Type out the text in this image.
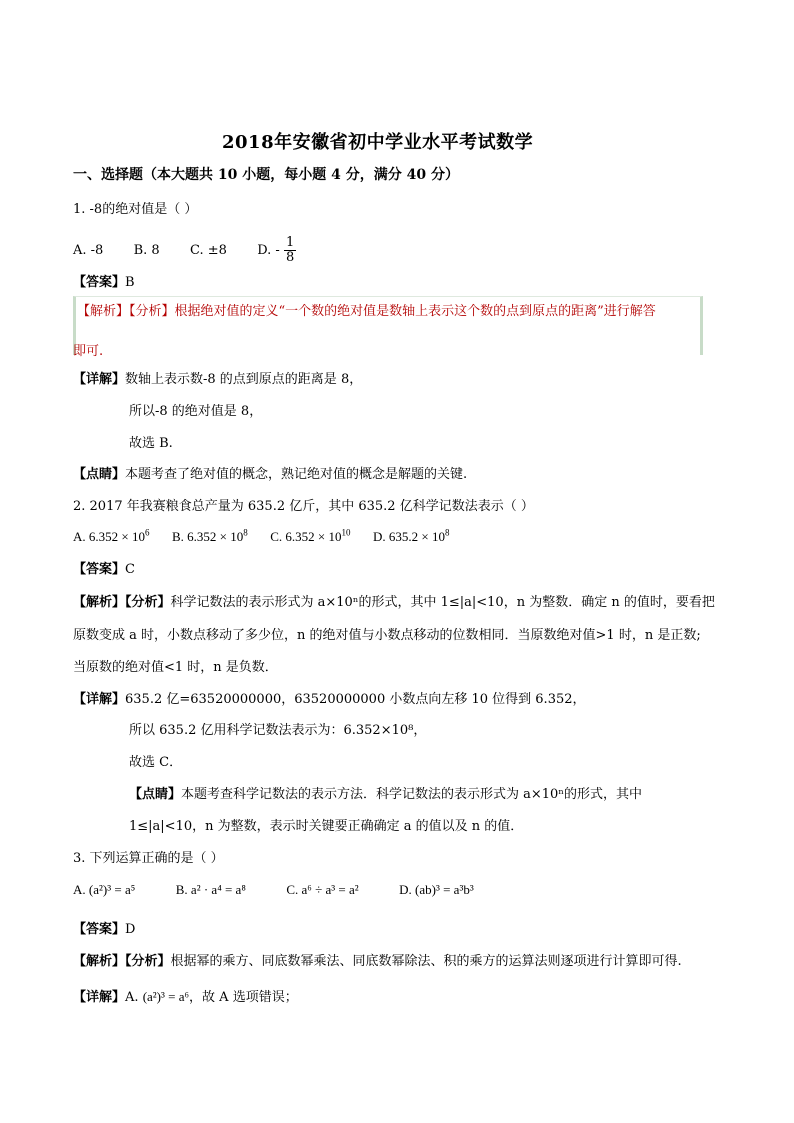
2018年安徽省初中学业水平考试数学
一、选择题（本大题共 10 小题，每小题 4 分，满分 40 分）
1. -8的绝对值是（ ）
A. -8 B. 8 C. ±8 D. - $\frac{1}{8}$
【答案】B
【解析】【分析】根据绝对值的定义“一个数的绝对值是数轴上表示这个数的点到原点的距离”进行解答
即可.
【详解】数轴上表示数-8 的点到原点的距离是 8，
所以-8 的绝对值是 8，
故选 B.
【点睛】本题考查了绝对值的概念，熟记绝对值的概念是解题的关键.
2. 2017 年我赛粮食总产量为 635.2 亿斤，其中 635.2 亿科学记数法表示（ ）
A. $6.352 \times 10^6$ B. $6.352 \times 10^8$ C. $6.352 \times 10^{10}$ D. $635.2 \times 10^8$
【答案】C
【解析】【分析】科学记数法的表示形式为 a×10ⁿ的形式，其中 1≤|a|<10，n 为整数．确定 n 的值时，要看把
原数变成 a 时，小数点移动了多少位，n 的绝对值与小数点移动的位数相同．当原数绝对值>1 时，n 是正数;
当原数的绝对值<1 时，n 是负数．
【详解】635.2 亿=63520000000，63520000000 小数点向左移 10 位得到 6.352，
所以 635.2 亿用科学记数法表示为：6.352×10⁸，
故选 C．
【点睛】本题考查科学记数法的表示方法．科学记数法的表示形式为 a×10ⁿ的形式，其中
1≤|a|<10，n 为整数，表示时关键要正确确定 a 的值以及 n 的值．
3. 下列运算正确的是（ ）
A. (a²)³ = a⁵	B. a² · a⁴ = a⁸	C. a⁶ ÷ a³ = a²	D. (ab)³ = a³b³
【答案】D
【解析】【分析】根据幂的乘方、同底数幂乘法、同底数幂除法、积的乘方的运算法则逐项进行计算即可得.
【详解】A. (a²)³ = a⁶，故 A 选项错误；
